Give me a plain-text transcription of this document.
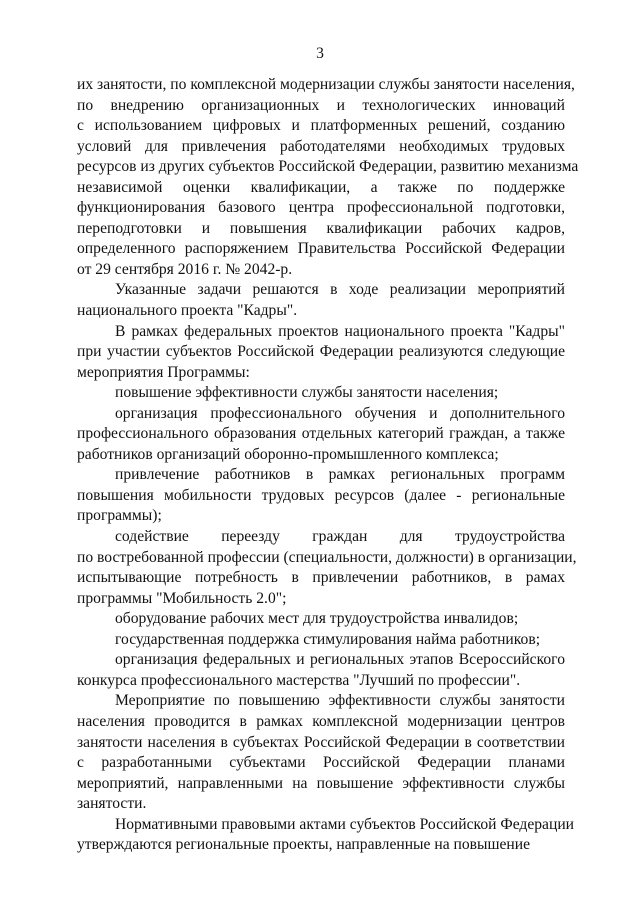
3

их занятости, по комплексной модернизации службы занятости населения,
по внедрению организационных и технологических инноваций
с использованием цифровых и платформенных решений, созданию
условий для привлечения работодателями необходимых трудовых
ресурсов из других субъектов Российской Федерации, развитию механизма
независимой оценки квалификации, а также по поддержке
функционирования базового центра профессиональной подготовки,
переподготовки и повышения квалификации рабочих кадров,
определенного распоряжением Правительства Российской Федерации
от 29 сентября 2016 г. № 2042-р.

Указанные задачи решаются в ходе реализации мероприятий
национального проекта "Кадры".

В рамках федеральных проектов национального проекта "Кадры"
при участии субъектов Российской Федерации реализуются следующие
мероприятия Программы:

повышение эффективности службы занятости населения;

организация профессионального обучения и дополнительного
профессионального образования отдельных категорий граждан, а также
работников организаций оборонно-промышленного комплекса;

привлечение работников в рамках региональных программ
повышения мобильности трудовых ресурсов (далее - региональные
программы);

содействие переезду граждан для трудоустройства
по востребованной профессии (специальности, должности) в организации,
испытывающие потребность в привлечении работников, в рамах
программы "Мобильность 2.0";

оборудование рабочих мест для трудоустройства инвалидов;

государственная поддержка стимулирования найма работников;

организация федеральных и региональных этапов Всероссийского
конкурса профессионального мастерства "Лучший по профессии".

Мероприятие по повышению эффективности службы занятости
населения проводится в рамках комплексной модернизации центров
занятости населения в субъектах Российской Федерации в соответствии
с разработанными субъектами Российской Федерации планами
мероприятий, направленными на повышение эффективности службы
занятости.

Нормативными правовыми актами субъектов Российской Федерации
утверждаются региональные проекты, направленные на повышение
